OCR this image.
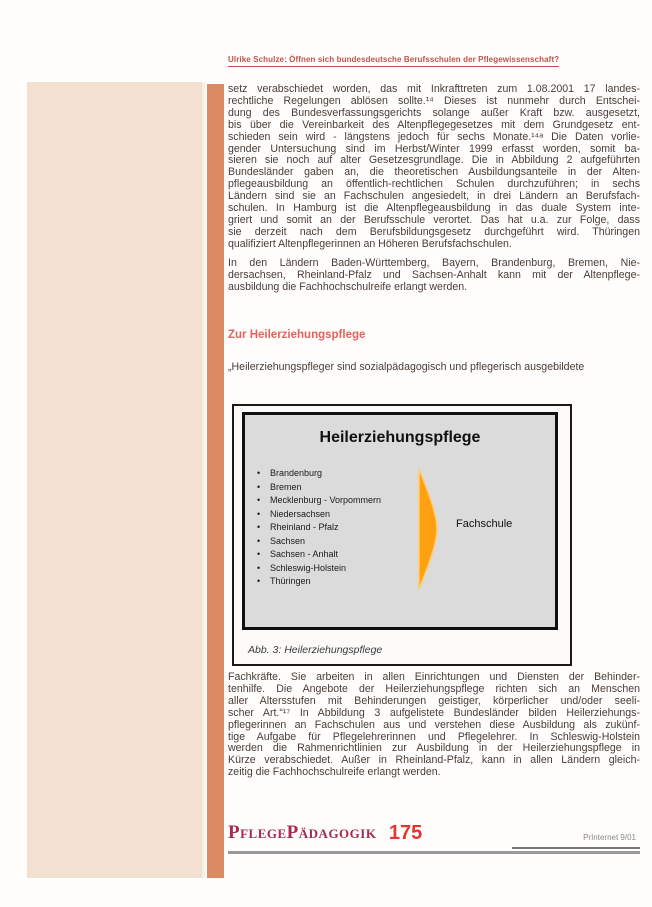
Ulrike Schulze: Öffnen sich bundesdeutsche Berufsschulen der Pflegewissenschaft?
setz verabschiedet worden, das mit Inkrafttreten zum 1.08.2001 17 landes-
rechtliche Regelungen ablösen sollte.¹⁴ Dieses ist nunmehr durch Entschei-
dung des Bundesverfassungsgerichts solange außer Kraft bzw. ausgesetzt,
bis über die Vereinbarkeit des Altenpflegegesetzes mit dem Grundgesetz ent-
schieden sein wird - längstens jedoch für sechs Monate.¹⁴ᵃ Die Daten vorlie-
gender Untersuchung sind im Herbst/Winter 1999 erfasst worden, somit ba-
sieren sie noch auf alter Gesetzesgrundlage. Die in Abbildung 2 aufgeführten
Bundesländer gaben an, die theoretischen Ausbildungsanteile in der Alten-
pflegeausbildung an öffentlich-rechtlichen Schulen durchzuführen; in sechs
Ländern sind sie an Fachschulen angesiedelt, in drei Ländern an Berufsfach-
schulen. In Hamburg ist die Altenpflegeausbildung in das duale System inte-
griert und somit an der Berufsschule verortet. Das hat u.a. zur Folge, dass
sie derzeit nach dem Berufsbildungsgesetz durchgeführt wird. Thüringen
qualifiziert Altenpflegerinnen an Höheren Berufsfachschulen.
In den Ländern Baden-Württemberg, Bayern, Brandenburg, Bremen, Nie-
dersachsen, Rheinland-Pfalz und Sachsen-Anhalt kann mit der Altenpflege-
ausbildung die Fachhochschulreife erlangt werden.
Zur Heilerziehungspflege
„Heilerziehungspfleger sind sozialpädagogisch und pflegerisch ausgebildete
Heilerziehungspflege
• Brandenburg
• Bremen
• Mecklenburg - Vorpommern
• Niedersachsen
• Rheinland - Pfalz
• Sachsen
• Sachsen - Anhalt
• Schleswig-Holstein
• Thüringen
Fachschule
Abb. 3: Heilerziehungspflege
Fachkräfte. Sie arbeiten in allen Einrichtungen und Diensten der Behinder-
tenhilfe. Die Angebote der Heilerziehungspflege richten sich an Menschen
aller Altersstufen mit Behinderungen geistiger, körperlicher und/oder seeli-
scher Art.“¹⁷ In Abbildung 3 aufgelistete Bundesländer bilden Heilerziehungs-
pflegerinnen an Fachschulen aus und verstehen diese Ausbildung als zukünf-
tige Aufgabe für Pflegelehrerinnen und Pflegelehrer. In Schleswig-Holstein
werden die Rahmenrichtlinien zur Ausbildung in der Heilerziehungspflege in
Kürze verabschiedet. Außer in Rheinland-Pfalz, kann in allen Ländern gleich-
zeitig die Fachhochschulreife erlangt werden.
PflegePädagogik 175	PrInternet 9/01
